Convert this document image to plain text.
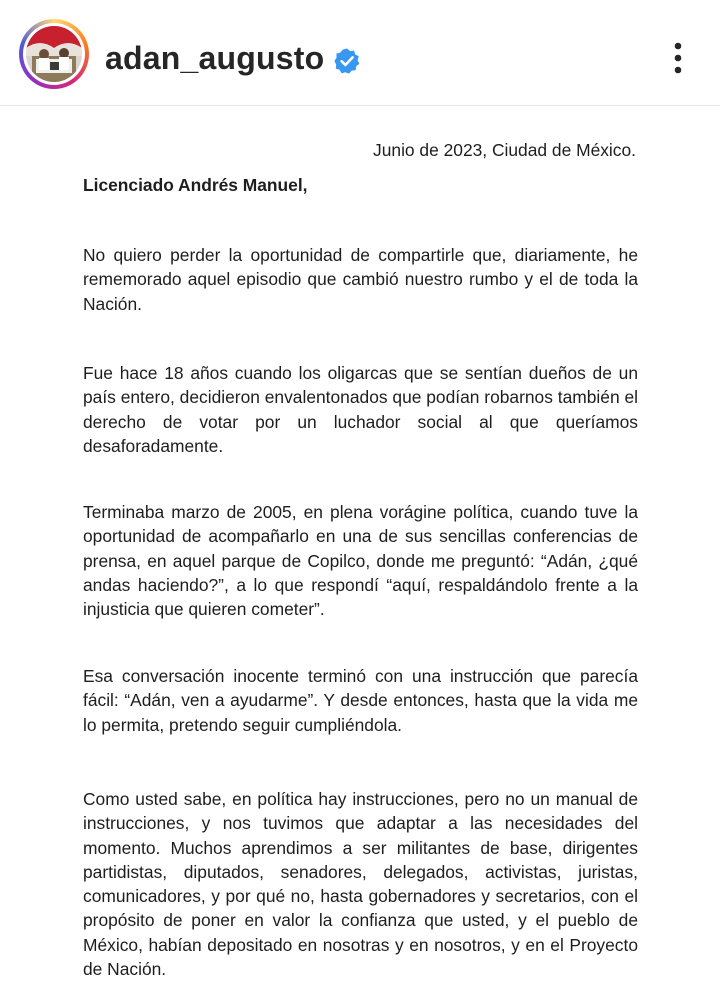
adan_augusto
Junio de 2023, Ciudad de México.
Licenciado Andrés Manuel,

No quiero perder la oportunidad de compartirle que, diariamente, he rememorado aquel episodio que cambió nuestro rumbo y el de toda la Nación.

Fue hace 18 años cuando los oligarcas que se sentían dueños de un país entero, decidieron envalentonados que podían robarnos también el derecho de votar por un luchador social al que queríamos desaforadamente.

Terminaba marzo de 2005, en plena vorágine política, cuando tuve la oportunidad de acompañarlo en una de sus sencillas conferencias de prensa, en aquel parque de Copilco, donde me preguntó: “Adán, ¿qué andas haciendo?”, a lo que respondí “aquí, respaldándolo frente a la injusticia que quieren cometer”.

Esa conversación inocente terminó con una instrucción que parecía fácil: “Adán, ven a ayudarme”. Y desde entonces, hasta que la vida me lo permita, pretendo seguir cumpliéndola.

Como usted sabe, en política hay instrucciones, pero no un manual de instrucciones, y nos tuvimos que adaptar a las necesidades del momento. Muchos aprendimos a ser militantes de base, dirigentes partidistas, diputados, senadores, delegados, activistas, juristas, comunicadores, y por qué no, hasta gobernadores y secretarios, con el propósito de poner en valor la confianza que usted, y el pueblo de México, habían depositado en nosotras y en nosotros, y en el Proyecto de Nación.
